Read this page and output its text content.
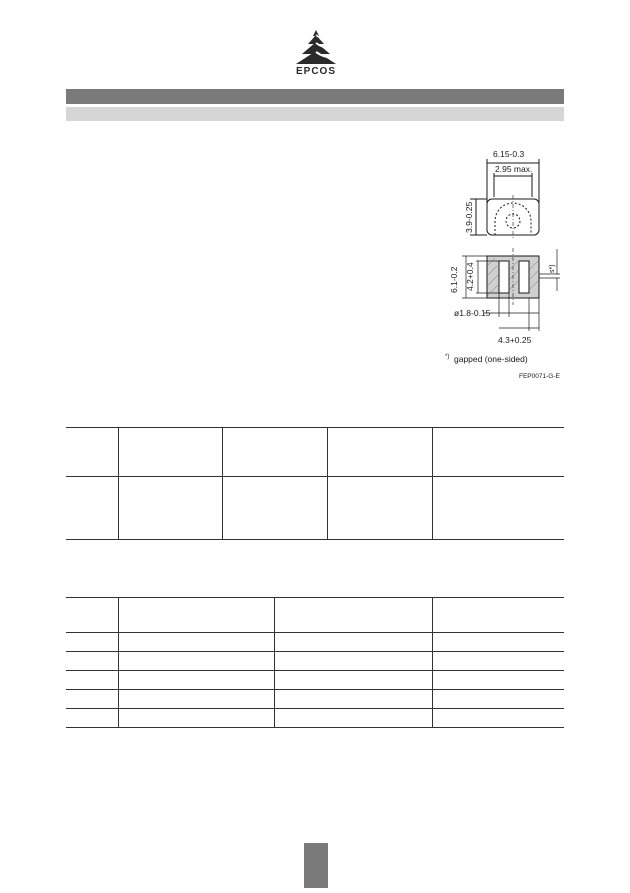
EPCOS
6.15-0.3
2.95 max.
3.9-0.25
6.1-0.2 4.2+0.4	s*)
ø1.8-0.15
4.3+0.25
*) gapped (one-sided)
FEP0071-G-E
